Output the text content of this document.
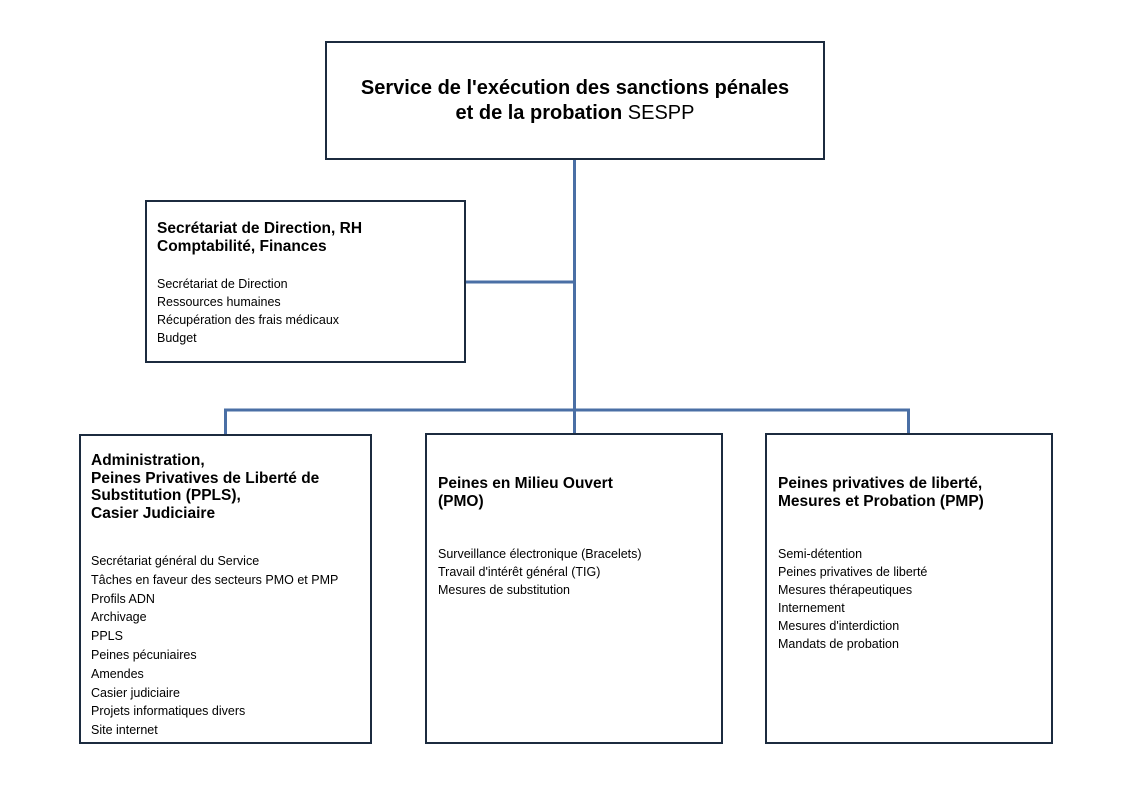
Service de l'exécution des sanctions pénales
et de la probation SESPP
Secrétariat de Direction, RH
Comptabilité, Finances
Secrétariat de Direction
Ressources humaines
Récupération des frais médicaux
Budget
Administration,
Peines Privatives de Liberté de
Substitution (PPLS),
Casier Judiciaire
Secrétariat général du Service
Tâches en faveur des secteurs PMO et PMP
Profils ADN
Archivage
PPLS
Peines pécuniaires
Amendes
Casier judiciaire
Projets informatiques divers
Site internet
Peines en Milieu Ouvert
(PMO)
Surveillance électronique (Bracelets)
Travail d'intérêt général (TIG)
Mesures de substitution
Peines privatives de liberté,
Mesures et Probation (PMP)
Semi-détention
Peines privatives de liberté
Mesures thérapeutiques
Internement
Mesures d'interdiction
Mandats de probation
